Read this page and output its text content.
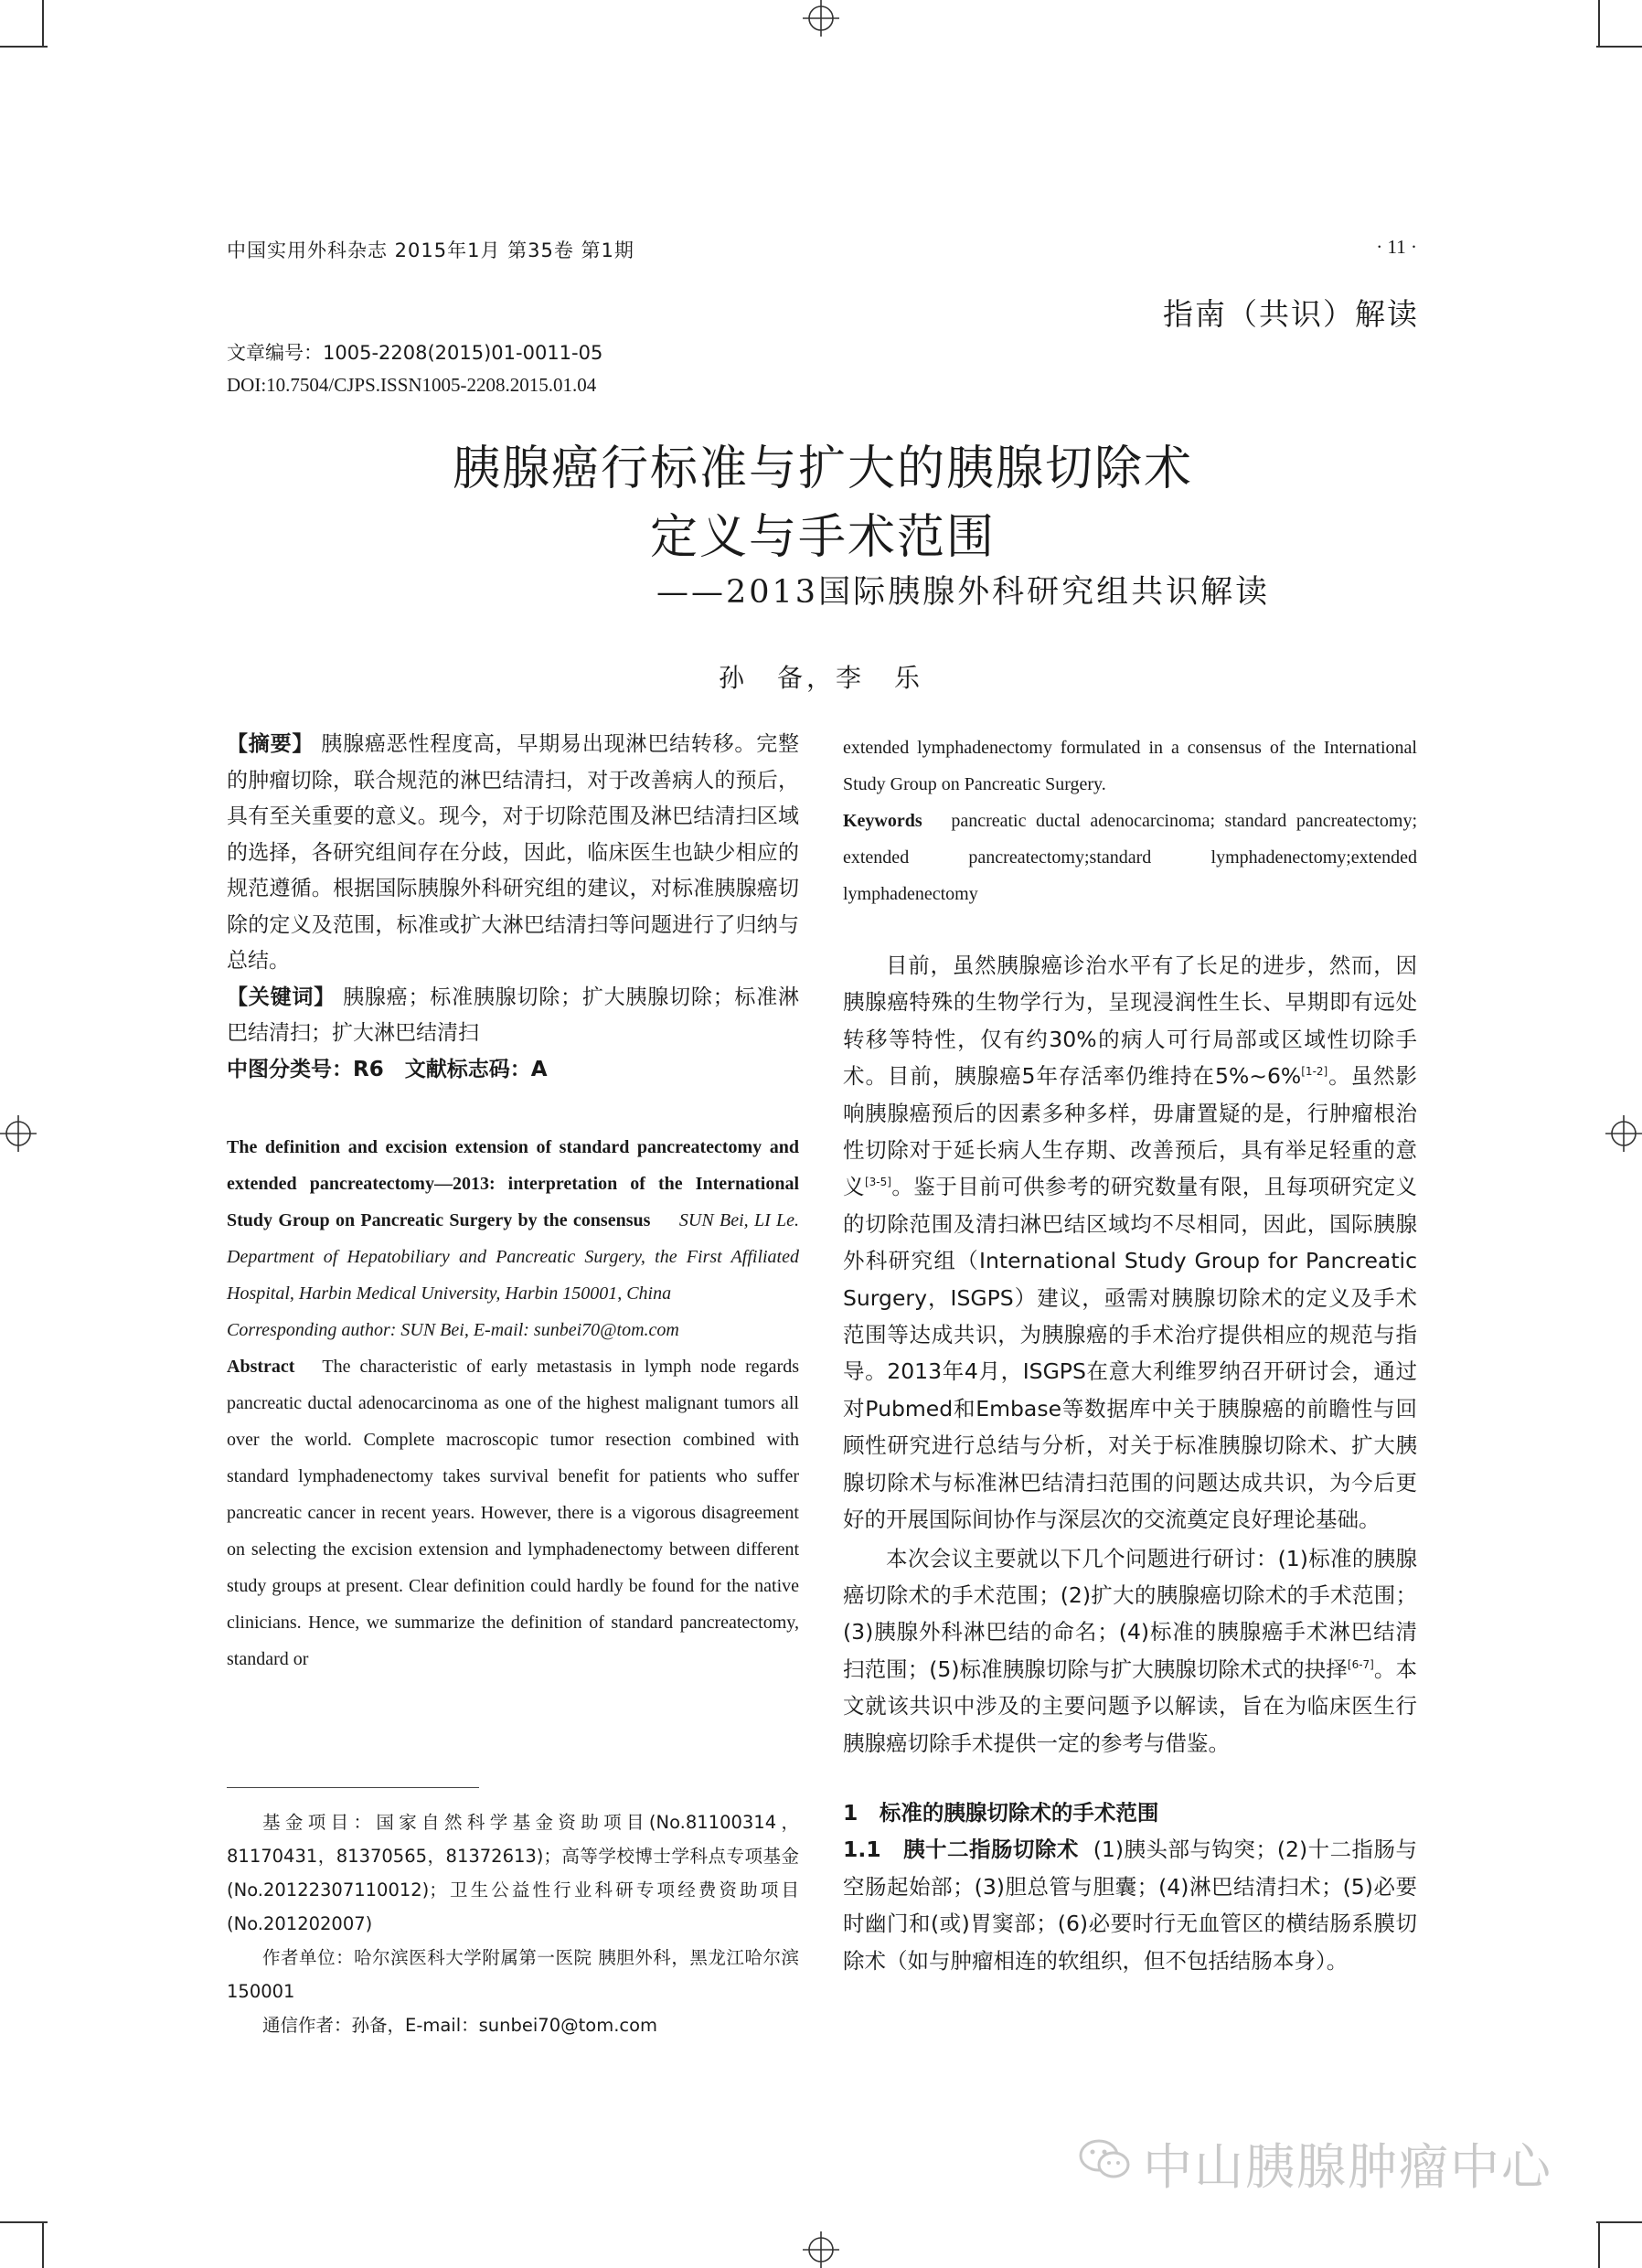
中国实用外科杂志 2015年1月 第35卷 第1期	· 11 ·
指南（共识）解读
文章编号：1005-2208(2015)01-0011-05
DOI:10.7504/CJPS.ISSN1005-2208.2015.01.04
胰腺癌行标准与扩大的胰腺切除术
定义与手术范围
——2013国际胰腺外科研究组共识解读
孙　备，李　乐

【摘要】 胰腺癌恶性程度高，早期易出现淋巴结转移。完整的肿瘤切除，联合规范的淋巴结清扫，对于改善病人的预后，具有至关重要的意义。现今，对于切除范围及淋巴结清扫区域的选择，各研究组间存在分歧，因此，临床医生也缺少相应的规范遵循。根据国际胰腺外科研究组的建议，对标准胰腺癌切除的定义及范围，标准或扩大淋巴结清扫等问题进行了归纳与总结。

【关键词】 胰腺癌；标准胰腺切除；扩大胰腺切除；标准淋巴结清扫；扩大淋巴结清扫

中图分类号：R6　文献标志码：A

The definition and excision extension of standard pancreatectomy and extended pancreatectomy—2013: interpretation of the International Study Group on Pancreatic Surgery by the consensus SUN Bei, LI Le. Department of Hepatobiliary and Pancreatic Surgery, the First Affiliated Hospital, Harbin Medical University, Harbin 150001, China

Corresponding author: SUN Bei, E-mail: sunbei70@tom.com

Abstract The characteristic of early metastasis in lymph node regards pancreatic ductal adenocarcinoma as one of the highest malignant tumors all over the world. Complete macroscopic tumor resection combined with standard lymphadenectomy takes survival benefit for patients who suffer pancreatic cancer in recent years. However, there is a vigorous disagreement on selecting the excision extension and lymphadenectomy between different study groups at present. Clear definition could hardly be found for the native clinicians. Hence, we summarize the definition of standard pancreatectomy, standard or

基金项目：国家自然科学基金资助项目(No.81100314，81170431，81370565，81372613)；高等学校博士学科点专项基金(No.20122307110012)；卫生公益性行业科研专项经费资助项目(No.201202007)

作者单位：哈尔滨医科大学附属第一医院 胰胆外科，黑龙江哈尔滨 150001

通信作者：孙备，E-mail：sunbei70@tom.com

extended lymphadenectomy formulated in a consensus of the International Study Group on Pancreatic Surgery.

Keywords pancreatic ductal adenocarcinoma; standard pancreatectomy; extended pancreatectomy;standard lymphadenectomy;extended lymphadenectomy

目前，虽然胰腺癌诊治水平有了长足的进步，然而，因胰腺癌特殊的生物学行为，呈现浸润性生长、早期即有远处转移等特性，仅有约30%的病人可行局部或区域性切除手术。目前，胰腺癌5年存活率仍维持在5%~6%[1-2]。虽然影响胰腺癌预后的因素多种多样，毋庸置疑的是，行肿瘤根治性切除对于延长病人生存期、改善预后，具有举足轻重的意义[3-5]。鉴于目前可供参考的研究数量有限，且每项研究定义的切除范围及清扫淋巴结区域均不尽相同，因此，国际胰腺外科研究组（International Study Group for Pancreatic Surgery，ISGPS）建议，亟需对胰腺切除术的定义及手术范围等达成共识，为胰腺癌的手术治疗提供相应的规范与指导。2013年4月，ISGPS在意大利维罗纳召开研讨会，通过对Pubmed和Embase等数据库中关于胰腺癌的前瞻性与回顾性研究进行总结与分析，对关于标准胰腺切除术、扩大胰腺切除术与标准淋巴结清扫范围的问题达成共识，为今后更好的开展国际间协作与深层次的交流奠定良好理论基础。

本次会议主要就以下几个问题进行研讨：(1)标准的胰腺癌切除术的手术范围；(2)扩大的胰腺癌切除术的手术范围；(3)胰腺外科淋巴结的命名；(4)标准的胰腺癌手术淋巴结清扫范围；(5)标准胰腺切除与扩大胰腺切除术式的抉择[6-7]。本文就该共识中涉及的主要问题予以解读，旨在为临床医生行胰腺癌切除手术提供一定的参考与借鉴。

1　标准的胰腺切除术的手术范围

1.1　胰十二指肠切除术 (1)胰头部与钩突；(2)十二指肠与空肠起始部；(3)胆总管与胆囊；(4)淋巴结清扫术；(5)必要时幽门和(或)胃窦部；(6)必要时行无血管区的横结肠系膜切除术（如与肿瘤相连的软组织，但不包括结肠本身）。

中山胰腺肿瘤中心
